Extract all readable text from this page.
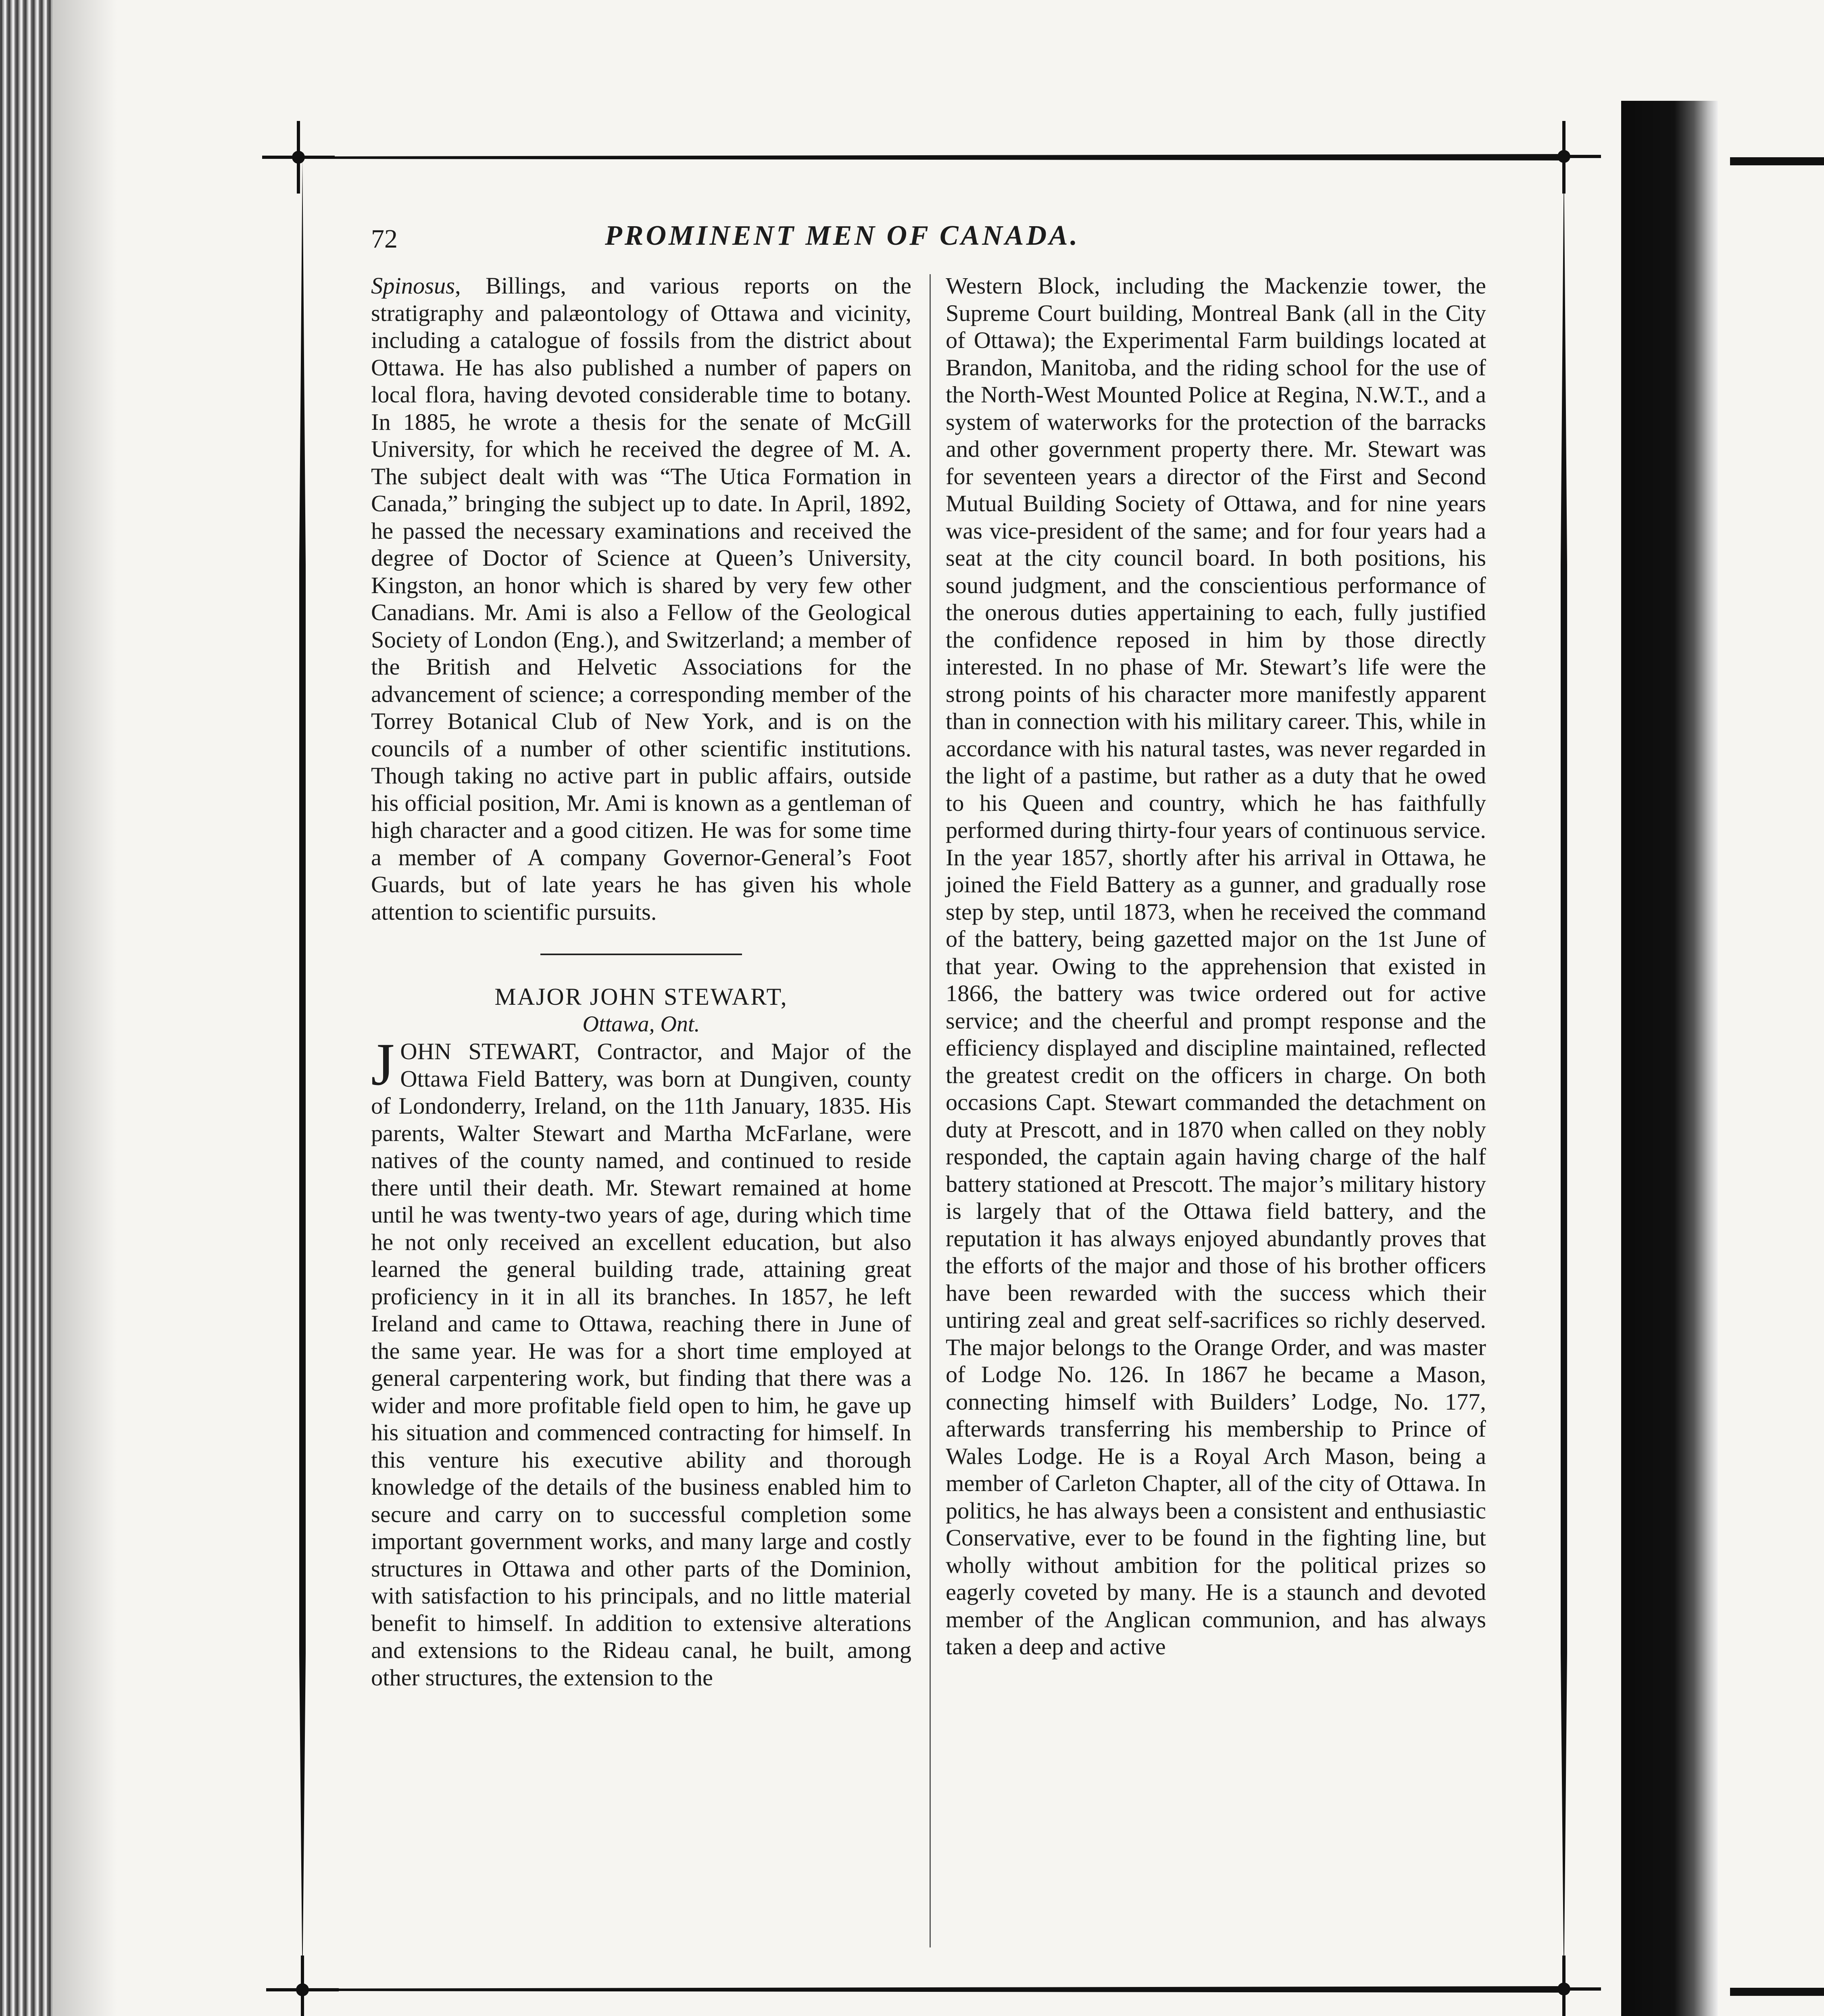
72	PROMINENT MEN OF CANADA.

Spinosus, Billings, and various reports on the stratigraphy and palæontology of Ottawa and vicinity, including a catalogue of fossils from the district about Ottawa. He has also published a number of papers on local flora, having devoted considerable time to botany. In 1885, he wrote a thesis for the senate of McGill University, for which he received the degree of M. A. The subject dealt with was “The Utica Formation in Canada,” bringing the subject up to date. In April, 1892, he passed the necessary examinations and received the degree of Doctor of Science at Queen’s University, Kingston, an honor which is shared by very few other Canadians. Mr. Ami is also a Fellow of the Geological Society of London (Eng.), and Switzerland; a member of the British and Helvetic Associations for the advancement of science; a corresponding member of the Torrey Botanical Club of New York, and is on the councils of a number of other scientific institutions. Though taking no active part in public affairs, outside his official position, Mr. Ami is known as a gentleman of high character and a good citizen. He was for some time a member of A company Governor-General’s Foot Guards, but of late years he has given his whole attention to scientific pursuits.

MAJOR JOHN STEWART,

Ottawa, Ont.

JOHN STEWART, Contractor, and Major of the Ottawa Field Battery, was born at Dungiven, county of Londonderry, Ireland, on the 11th January, 1835. His parents, Walter Stewart and Martha McFarlane, were natives of the county named, and continued to reside there until their death. Mr. Stewart remained at home until he was twenty-two years of age, during which time he not only received an excellent education, but also learned the general building trade, attaining great proficiency in it in all its branches. In 1857, he left Ireland and came to Ottawa, reaching there in June of the same year. He was for a short time employed at general carpentering work, but finding that there was a wider and more profitable field open to him, he gave up his situation and commenced contracting for himself. In this venture his executive ability and thorough knowledge of the details of the business enabled him to secure and carry on to successful completion some important government works, and many large and costly structures in Ottawa and other parts of the Dominion, with satisfaction to his principals, and no little material benefit to himself. In addition to extensive alterations and extensions to the Rideau canal, he built, among other structures, the extension to the

Western Block, including the Mackenzie tower, the Supreme Court building, Montreal Bank (all in the City of Ottawa); the Experimental Farm buildings located at Brandon, Manitoba, and the riding school for the use of the North-West Mounted Police at Regina, N.W.T., and a system of waterworks for the protection of the barracks and other government property there. Mr. Stewart was for seventeen years a director of the First and Second Mutual Building Society of Ottawa, and for nine years was vice-president of the same; and for four years had a seat at the city council board. In both positions, his sound judgment, and the conscientious performance of the onerous duties appertaining to each, fully justified the confidence reposed in him by those directly interested. In no phase of Mr. Stewart’s life were the strong points of his character more manifestly apparent than in connection with his military career. This, while in accordance with his natural tastes, was never regarded in the light of a pastime, but rather as a duty that he owed to his Queen and country, which he has faithfully performed during thirty-four years of continuous service. In the year 1857, shortly after his arrival in Ottawa, he joined the Field Battery as a gunner, and gradually rose step by step, until 1873, when he received the command of the battery, being gazetted major on the 1st June of that year. Owing to the apprehension that existed in 1866, the battery was twice ordered out for active service; and the cheerful and prompt response and the efficiency displayed and discipline maintained, reflected the greatest credit on the officers in charge. On both occasions Capt. Stewart commanded the detachment on duty at Prescott, and in 1870 when called on they nobly responded, the captain again having charge of the half battery stationed at Prescott. The major’s military history is largely that of the Ottawa field battery, and the reputation it has always enjoyed abundantly proves that the efforts of the major and those of his brother officers have been rewarded with the success which their untiring zeal and great self-sacrifices so richly deserved. The major belongs to the Orange Order, and was master of Lodge No. 126. In 1867 he became a Mason, connecting himself with Builders’ Lodge, No. 177, afterwards transferring his membership to Prince of Wales Lodge. He is a Royal Arch Mason, being a member of Carleton Chapter, all of the city of Ottawa. In politics, he has always been a consistent and enthusiastic Conservative, ever to be found in the fighting line, but wholly without ambition for the political prizes so eagerly coveted by many. He is a staunch and devoted member of the Anglican communion, and has always taken a deep and active
